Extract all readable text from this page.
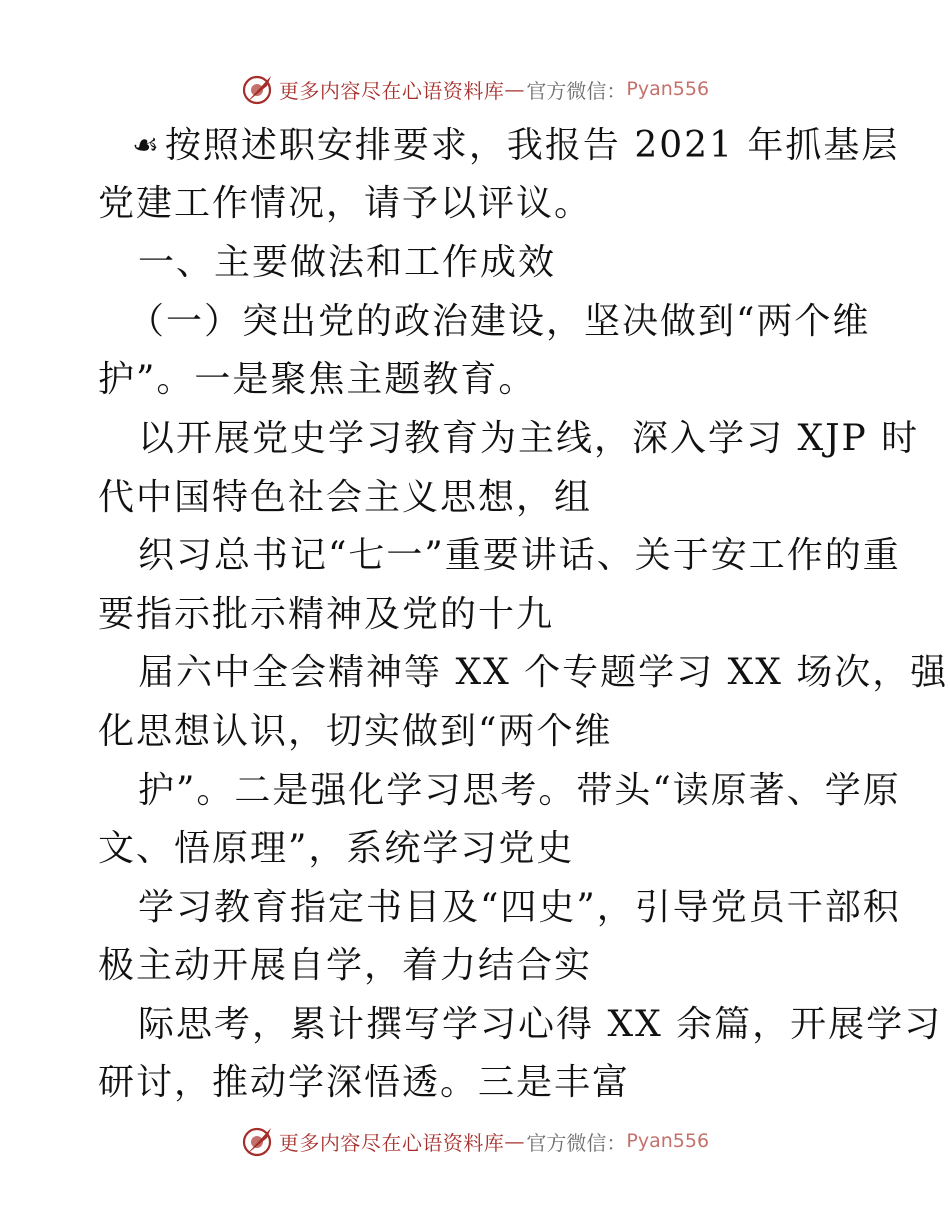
更多内容尽在心语资料库 — 官方微信： Pyan556
☙ 按照述职安排要求，我报告 2021 年抓基层
党建工作情况，请予以评议。
一、主要做法和工作成效
（一）突出党的政治建设，坚决做到“两个维
护”。一是聚焦主题教育。
以开展党史学习教育为主线，深入学习 XJP 时
代中国特色社会主义思想，组
织习总书记“七一”重要讲话、关于安工作的重
要指示批示精神及党的十九
届六中全会精神等 XX 个专题学习 XX 场次，强
化思想认识，切实做到“两个维
护”。二是强化学习思考。带头“读原著、学原
文、悟原理”，系统学习党史
学习教育指定书目及“四史”，引导党员干部积
极主动开展自学，着力结合实
际思考，累计撰写学习心得 XX 余篇，开展学习
研讨，推动学深悟透。三是丰富
更多内容尽在心语资料库 — 官方微信： Pyan556
